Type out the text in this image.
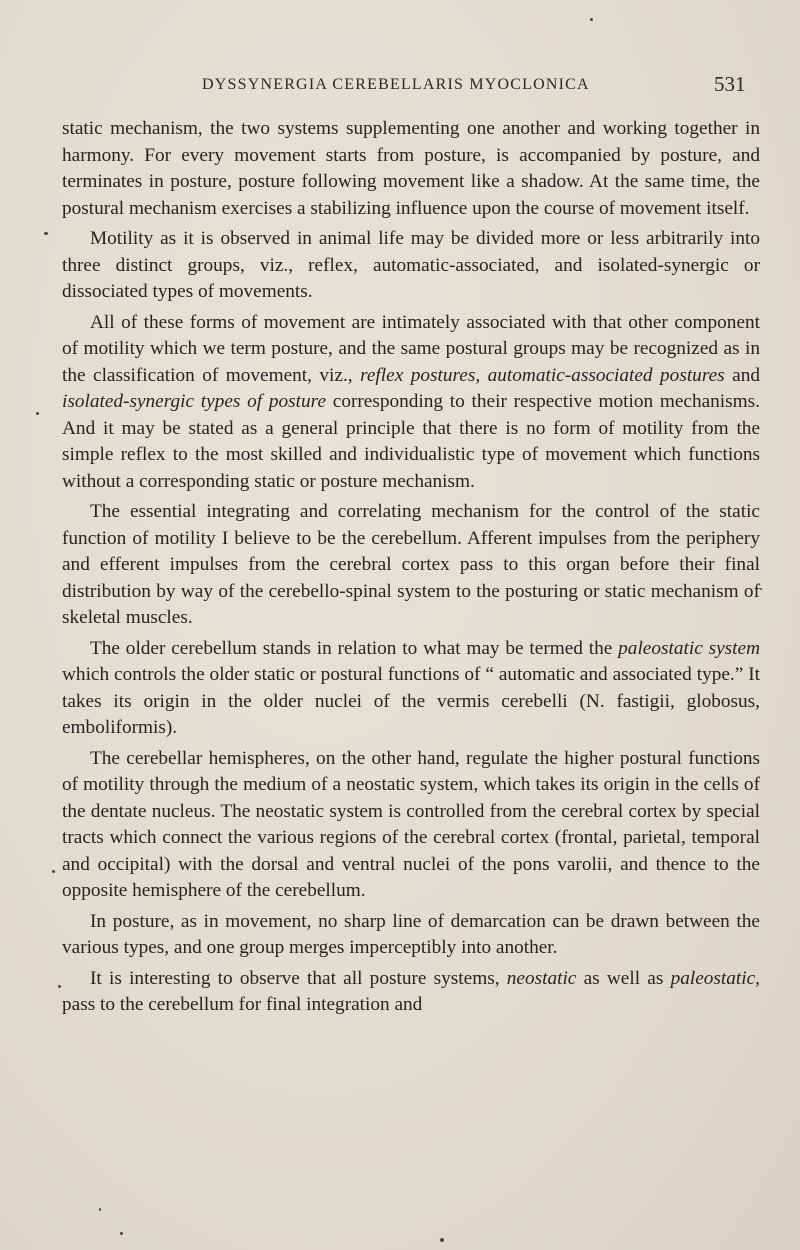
DYSSYNERGIA CEREBELLARIS MYOCLONICA	531

static mechanism, the two systems supplementing one another and working together in harmony. For every movement starts from posture, is accompanied by posture, and terminates in posture, posture following movement like a shadow. At the same time, the postural mechanism exercises a stabilizing influence upon the course of movement itself.

Motility as it is observed in animal life may be divided more or less arbitrarily into three distinct groups, viz., reflex, automatic-associated, and isolated-synergic or dissociated types of movements.

All of these forms of movement are intimately associated with that other component of motility which we term posture, and the same postural groups may be recognized as in the classification of movement, viz., reflex postures, automatic-associated postures and isolated-synergic types of posture corresponding to their respective motion mechanisms. And it may be stated as a general principle that there is no form of motility from the simple reflex to the most skilled and individualistic type of movement which functions without a corresponding static or posture mechanism.

The essential integrating and correlating mechanism for the control of the static function of motility I believe to be the cerebellum. Afferent impulses from the periphery and efferent impulses from the cerebral cortex pass to this organ before their final distribution by way of the cerebello-spinal system to the posturing or static mechanism of skeletal muscles.

The older cerebellum stands in relation to what may be termed the paleostatic system which controls the older static or postural functions of “ automatic and associated type.” It takes its origin in the older nuclei of the vermis cerebelli (N. fastigii, globosus, emboliformis).

The cerebellar hemispheres, on the other hand, regulate the higher postural functions of motility through the medium of a neostatic system, which takes its origin in the cells of the dentate nucleus. The neostatic system is controlled from the cerebral cortex by special tracts which connect the various regions of the cerebral cortex (frontal, parietal, temporal and occipital) with the dorsal and ventral nuclei of the pons varolii, and thence to the opposite hemisphere of the cerebellum.

In posture, as in movement, no sharp line of demarcation can be drawn between the various types, and one group merges imperceptibly into another.

It is interesting to observe that all posture systems, neostatic as well as paleostatic, pass to the cerebellum for final integration and
